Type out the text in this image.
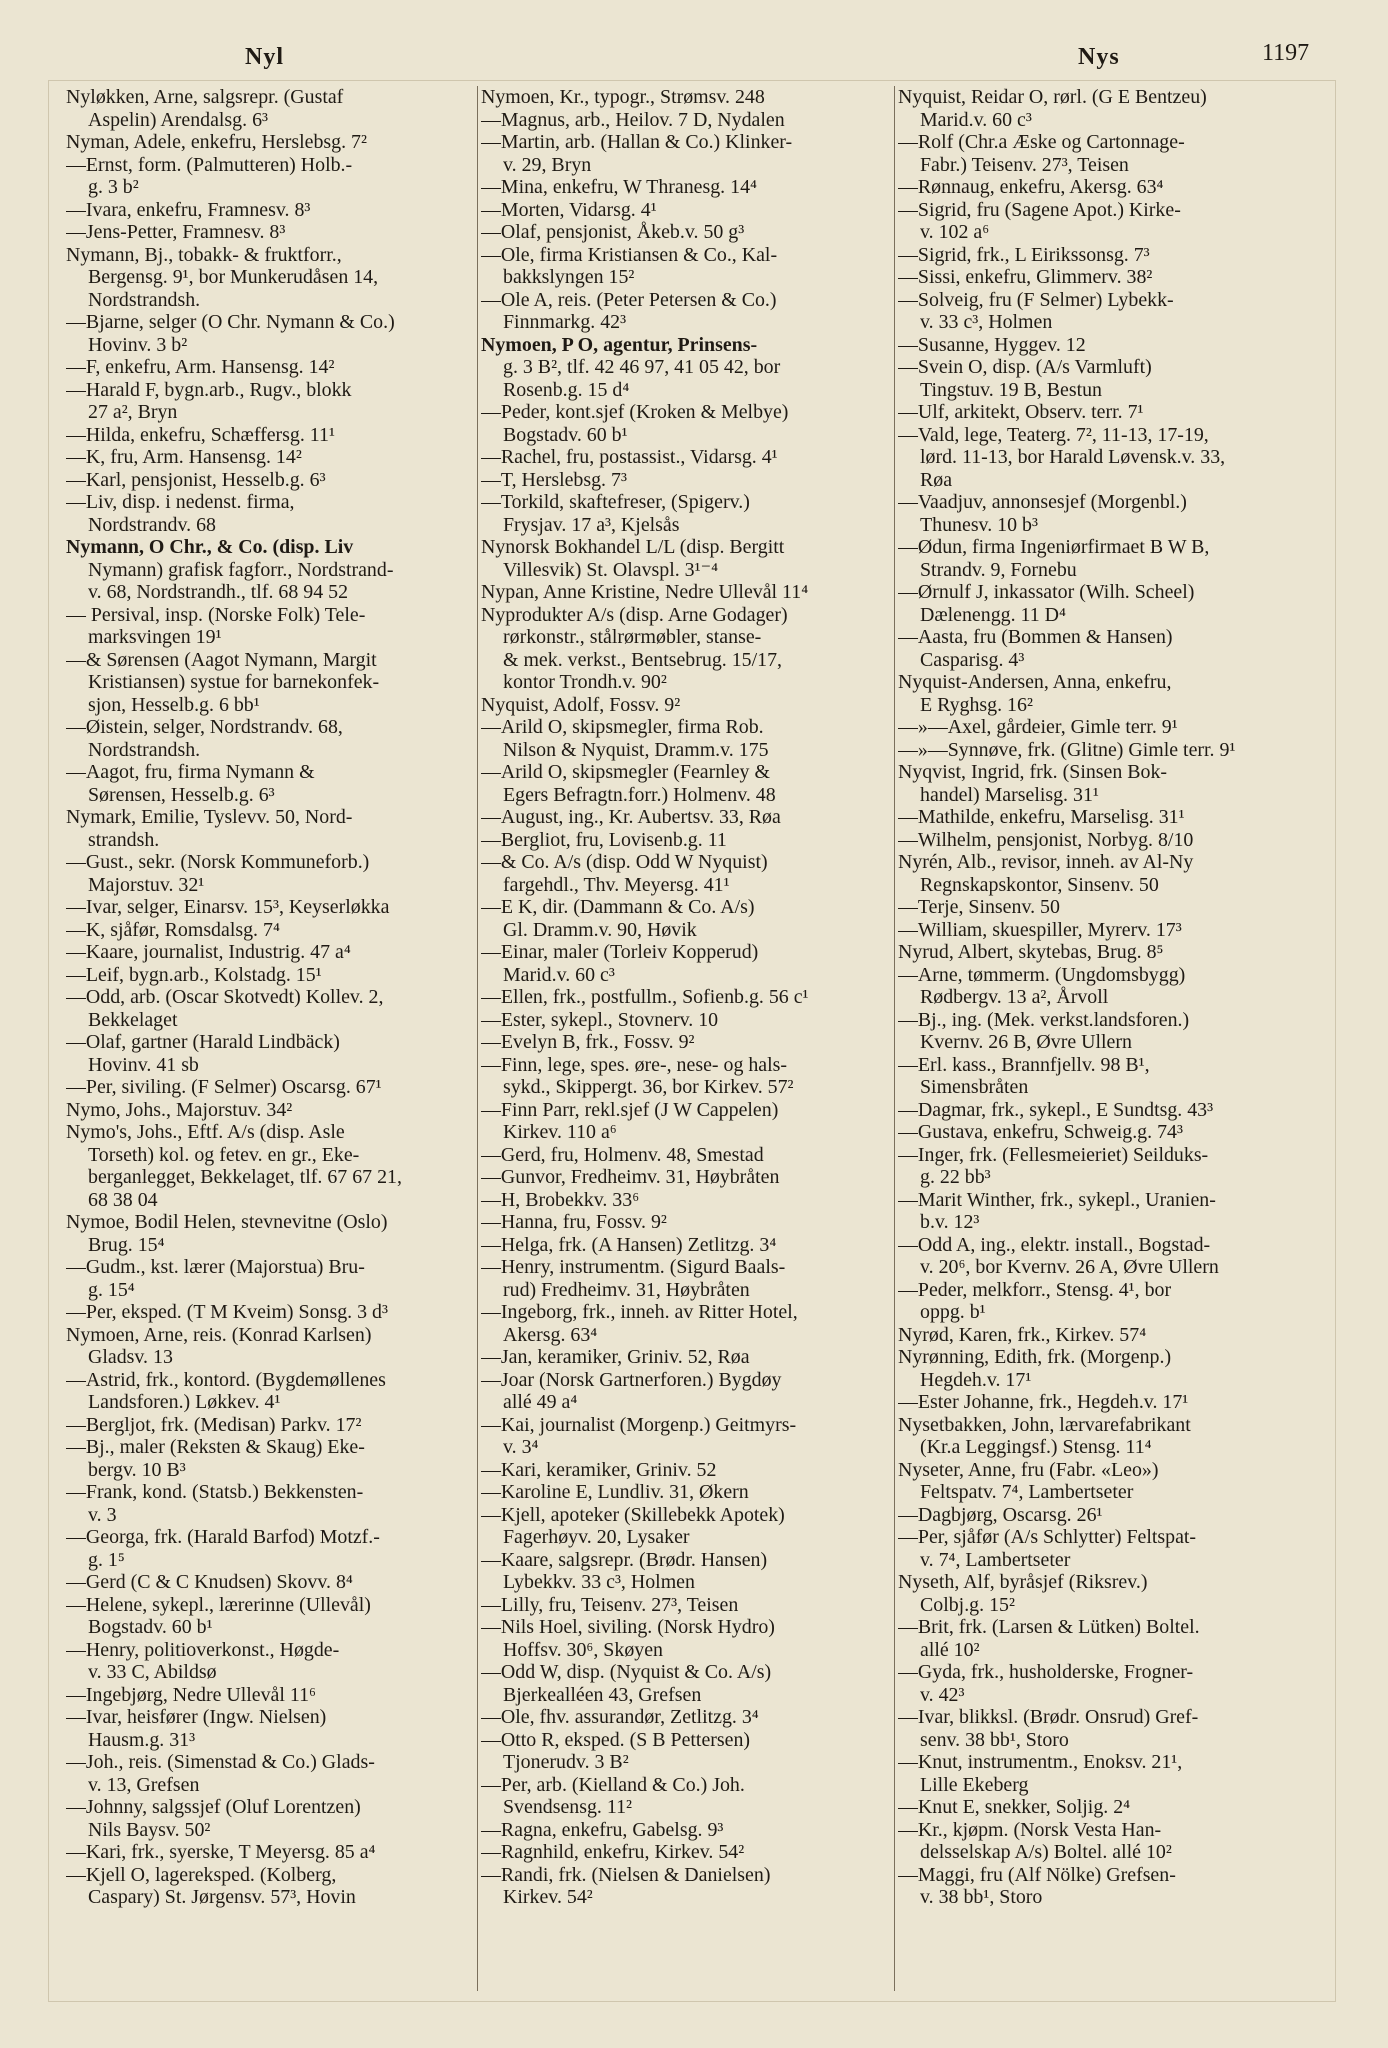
Nyl	Nys	1197
Nyløkken, Arne, salgsrepr. (Gustaf
Aspelin) Arendalsg. 6³
Nyman, Adele, enkefru, Herslebsg. 7²
—Ernst, form. (Palmutteren) Holb.-
g. 3 b²
—Ivara, enkefru, Framnesv. 8³
—Jens-Petter, Framnesv. 8³
Nymann, Bj., tobakk- & fruktforr.,
Bergensg. 9¹, bor Munkerudåsen 14,
Nordstrandsh.
—Bjarne, selger (O Chr. Nymann & Co.)
Hovinv. 3 b²
—F, enkefru, Arm. Hansensg. 14²
—Harald F, bygn.arb., Rugv., blokk
27 a², Bryn
—Hilda, enkefru, Schæffersg. 11¹
—K, fru, Arm. Hansensg. 14²
—Karl, pensjonist, Hesselb.g. 6³
—Liv, disp. i nedenst. firma,
Nordstrandv. 68
Nymann, O Chr., & Co. (disp. Liv
Nymann) grafisk fagforr., Nordstrand-
v. 68, Nordstrandh., tlf. 68 94 52
— Persival, insp. (Norske Folk) Tele-
marksvingen 19¹
—& Sørensen (Aagot Nymann, Margit
Kristiansen) systue for barnekonfek-
sjon, Hesselb.g. 6 bb¹
—Øistein, selger, Nordstrandv. 68,
Nordstrandsh.
—Aagot, fru, firma Nymann &
Sørensen, Hesselb.g. 6³
Nymark, Emilie, Tyslevv. 50, Nord-
strandsh.
—Gust., sekr. (Norsk Kommuneforb.)
Majorstuv. 32¹
—Ivar, selger, Einarsv. 15³, Keyserløkka
—K, sjåfør, Romsdalsg. 7⁴
—Kaare, journalist, Industrig. 47 a⁴
—Leif, bygn.arb., Kolstadg. 15¹
—Odd, arb. (Oscar Skotvedt) Kollev. 2,
Bekkelaget
—Olaf, gartner (Harald Lindbäck)
Hovinv. 41 sb
—Per, siviling. (F Selmer) Oscarsg. 67¹
Nymo, Johs., Majorstuv. 34²
Nymo's, Johs., Eftf. A/s (disp. Asle
Torseth) kol. og fetev. en gr., Eke-
berganlegget, Bekkelaget, tlf. 67 67 21,
68 38 04
Nymoe, Bodil Helen, stevnevitne (Oslo)
Brug. 15⁴
—Gudm., kst. lærer (Majorstua) Bru-
g. 15⁴
—Per, eksped. (T M Kveim) Sonsg. 3 d³
Nymoen, Arne, reis. (Konrad Karlsen)
Gladsv. 13
—Astrid, frk., kontord. (Bygdemøllenes
Landsforen.) Løkkev. 4¹
—Bergljot, frk. (Medisan) Parkv. 17²
—Bj., maler (Reksten & Skaug) Eke-
bergv. 10 B³
—Frank, kond. (Statsb.) Bekkensten-
v. 3
—Georga, frk. (Harald Barfod) Motzf.-
g. 1⁵
—Gerd (C & C Knudsen) Skovv. 8⁴
—Helene, sykepl., lærerinne (Ullevål)
Bogstadv. 60 b¹
—Henry, politioverkonst., Høgde-
v. 33 C, Abildsø
—Ingebjørg, Nedre Ullevål 11⁶
—Ivar, heisfører (Ingw. Nielsen)
Hausm.g. 31³
—Joh., reis. (Simenstad & Co.) Glads-
v. 13, Grefsen
—Johnny, salgssjef (Oluf Lorentzen)
Nils Baysv. 50²
—Kari, frk., syerske, T Meyersg. 85 a⁴
—Kjell O, lagereksped. (Kolberg,
Caspary) St. Jørgensv. 57³, Hovin
Nymoen, Kr., typogr., Strømsv. 248
—Magnus, arb., Heilov. 7 D, Nydalen
—Martin, arb. (Hallan & Co.) Klinker-
v. 29, Bryn
—Mina, enkefru, W Thranesg. 14⁴
—Morten, Vidarsg. 4¹
—Olaf, pensjonist, Åkeb.v. 50 g³
—Ole, firma Kristiansen & Co., Kal-
bakkslyngen 15²
—Ole A, reis. (Peter Petersen & Co.)
Finnmarkg. 42³
Nymoen, P O, agentur, Prinsens-
g. 3 B², tlf. 42 46 97, 41 05 42, bor
Rosenb.g. 15 d⁴
—Peder, kont.sjef (Kroken & Melbye)
Bogstadv. 60 b¹
—Rachel, fru, postassist., Vidarsg. 4¹
—T, Herslebsg. 7³
—Torkild, skaftefreser, (Spigerv.)
Frysjav. 17 a³, Kjelsås
Nynorsk Bokhandel L/L (disp. Bergitt
Villesvik) St. Olavspl. 3¹⁻⁴
Nypan, Anne Kristine, Nedre Ullevål 11⁴
Nyprodukter A/s (disp. Arne Godager)
rørkonstr., stålrørmøbler, stanse-
& mek. verkst., Bentsebrug. 15/17,
kontor Trondh.v. 90²
Nyquist, Adolf, Fossv. 9²
—Arild O, skipsmegler, firma Rob.
Nilson & Nyquist, Dramm.v. 175
—Arild O, skipsmegler (Fearnley &
Egers Befragtn.forr.) Holmenv. 48
—August, ing., Kr. Aubertsv. 33, Røa
—Bergliot, fru, Lovisenb.g. 11
—& Co. A/s (disp. Odd W Nyquist)
fargehdl., Thv. Meyersg. 41¹
—E K, dir. (Dammann & Co. A/s)
Gl. Dramm.v. 90, Høvik
—Einar, maler (Torleiv Kopperud)
Marid.v. 60 c³
—Ellen, frk., postfullm., Sofienb.g. 56 c¹
—Ester, sykepl., Stovnerv. 10
—Evelyn B, frk., Fossv. 9²
—Finn, lege, spes. øre-, nese- og hals-
sykd., Skippergt. 36, bor Kirkev. 57²
—Finn Parr, rekl.sjef (J W Cappelen)
Kirkev. 110 a⁶
—Gerd, fru, Holmenv. 48, Smestad
—Gunvor, Fredheimv. 31, Høybråten
—H, Brobekkv. 33⁶
—Hanna, fru, Fossv. 9²
—Helga, frk. (A Hansen) Zetlitzg. 3⁴
—Henry, instrumentm. (Sigurd Baals-
rud) Fredheimv. 31, Høybråten
—Ingeborg, frk., inneh. av Ritter Hotel,
Akersg. 63⁴
—Jan, keramiker, Griniv. 52, Røa
—Joar (Norsk Gartnerforen.) Bygdøy
allé 49 a⁴
—Kai, journalist (Morgenp.) Geitmyrs-
v. 3⁴
—Kari, keramiker, Griniv. 52
—Karoline E, Lundliv. 31, Økern
—Kjell, apoteker (Skillebekk Apotek)
Fagerhøyv. 20, Lysaker
—Kaare, salgsrepr. (Brødr. Hansen)
Lybekkv. 33 c³, Holmen
—Lilly, fru, Teisenv. 27³, Teisen
—Nils Hoel, siviling. (Norsk Hydro)
Hoffsv. 30⁶, Skøyen
—Odd W, disp. (Nyquist & Co. A/s)
Bjerkealléen 43, Grefsen
—Ole, fhv. assurandør, Zetlitzg. 3⁴
—Otto R, eksped. (S B Pettersen)
Tjonerudv. 3 B²
—Per, arb. (Kielland & Co.) Joh.
Svendsensg. 11²
—Ragna, enkefru, Gabelsg. 9³
—Ragnhild, enkefru, Kirkev. 54²
—Randi, frk. (Nielsen & Danielsen)
Kirkev. 54²
Nyquist, Reidar O, rørl. (G E Bentzeu)
Marid.v. 60 c³
—Rolf (Chr.a Æske og Cartonnage-
Fabr.) Teisenv. 27³, Teisen
—Rønnaug, enkefru, Akersg. 63⁴
—Sigrid, fru (Sagene Apot.) Kirke-
v. 102 a⁶
—Sigrid, frk., L Eirikssonsg. 7³
—Sissi, enkefru, Glimmerv. 38²
—Solveig, fru (F Selmer) Lybekk-
v. 33 c³, Holmen
—Susanne, Hyggev. 12
—Svein O, disp. (A/s Varmluft)
Tingstuv. 19 B, Bestun
—Ulf, arkitekt, Observ. terr. 7¹
—Vald, lege, Teaterg. 7², 11-13, 17-19,
lørd. 11-13, bor Harald Løvensk.v. 33,
Røa
—Vaadjuv, annonsesjef (Morgenbl.)
Thunesv. 10 b³
—Ødun, firma Ingeniørfirmaet B W B,
Strandv. 9, Fornebu
—Ørnulf J, inkassator (Wilh. Scheel)
Dælenengg. 11 D⁴
—Aasta, fru (Bommen & Hansen)
Casparisg. 4³
Nyquist-Andersen, Anna, enkefru,
E Ryghsg. 16²
—»—Axel, gårdeier, Gimle terr. 9¹
—»—Synnøve, frk. (Glitne) Gimle terr. 9¹
Nyqvist, Ingrid, frk. (Sinsen Bok-
handel) Marselisg. 31¹
—Mathilde, enkefru, Marselisg. 31¹
—Wilhelm, pensjonist, Norbyg. 8/10
Nyrén, Alb., revisor, inneh. av Al-Ny
Regnskapskontor, Sinsenv. 50
—Terje, Sinsenv. 50
—William, skuespiller, Myrerv. 17³
Nyrud, Albert, skytebas, Brug. 8⁵
—Arne, tømmerm. (Ungdomsbygg)
Rødbergv. 13 a², Årvoll
—Bj., ing. (Mek. verkst.landsforen.)
Kvernv. 26 B, Øvre Ullern
—Erl. kass., Brannfjellv. 98 B¹,
Simensbråten
—Dagmar, frk., sykepl., E Sundtsg. 43³
—Gustava, enkefru, Schweig.g. 74³
—Inger, frk. (Fellesmeieriet) Seilduks-
g. 22 bb³
—Marit Winther, frk., sykepl., Uranien-
b.v. 12³
—Odd A, ing., elektr. install., Bogstad-
v. 20⁶, bor Kvernv. 26 A, Øvre Ullern
—Peder, melkforr., Stensg. 4¹, bor
oppg. b¹
Nyrød, Karen, frk., Kirkev. 57⁴
Nyrønning, Edith, frk. (Morgenp.)
Hegdeh.v. 17¹
—Ester Johanne, frk., Hegdeh.v. 17¹
Nysetbakken, John, lærvarefabrikant
(Kr.a Leggingsf.) Stensg. 11⁴
Nyseter, Anne, fru (Fabr. «Leo»)
Feltspatv. 7⁴, Lambertseter
—Dagbjørg, Oscarsg. 26¹
—Per, sjåfør (A/s Schlytter) Feltspat-
v. 7⁴, Lambertseter
Nyseth, Alf, byråsjef (Riksrev.)
Colbj.g. 15²
—Brit, frk. (Larsen & Lütken) Boltel.
allé 10²
—Gyda, frk., husholderske, Frogner-
v. 42³
—Ivar, blikksl. (Brødr. Onsrud) Gref-
senv. 38 bb¹, Storo
—Knut, instrumentm., Enoksv. 21¹,
Lille Ekeberg
—Knut E, snekker, Soljig. 2⁴
—Kr., kjøpm. (Norsk Vesta Han-
delsselskap A/s) Boltel. allé 10²
—Maggi, fru (Alf Nölke) Grefsen-
v. 38 bb¹, Storo
